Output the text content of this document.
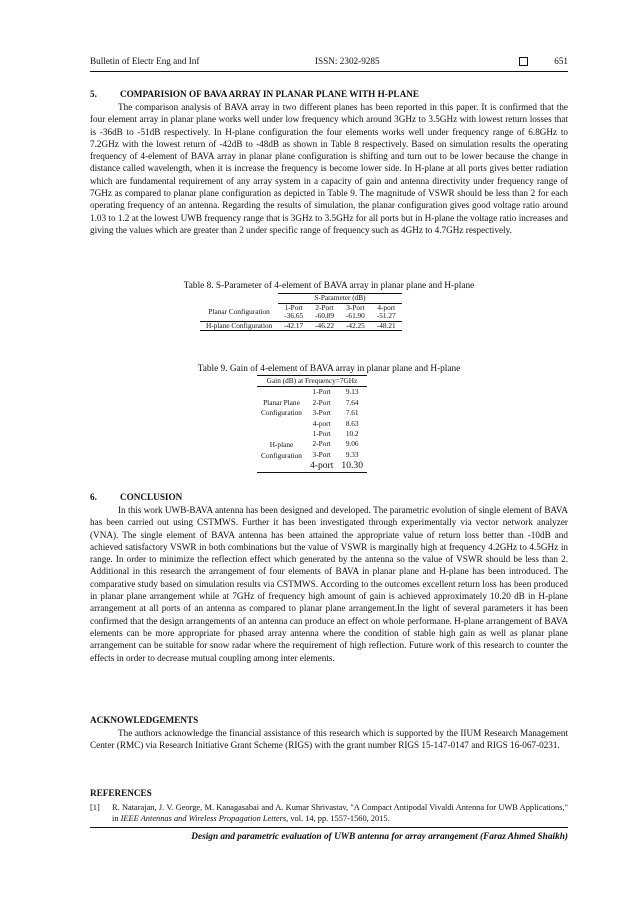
Bulletin of Electr Eng and Inf	ISSN: 2302-9285	651
5.	COMPARISION OF BAVA ARRAY IN PLANAR PLANE WITH H-PLANE

The comparison analysis of BAVA array in two different planes has been reported in this paper. It is confirmed that the four element array in planar plane works well under low frequency which around 3GHz to 3.5GHz with lowest return losses that is -36dB to -51dB respectively. In H-plane configuration the four elements works well under frequency range of 6.8GHz to 7.2GHz with the lowest return of -42dB to -48dB as shown in Table 8 respectively. Based on simulation results the operating frequency of 4-element of BAVA array in planar plane configuration is shifting and turn out to be lower because the change in distance called wavelength, when it is increase the frequency is become lower side. In H-plane at all ports gives better radiation which are fundamental requirement of any array system in a capacity of gain and antenna directivity under frequency range of 7GHz as compared to planar plane configuration as depicted in Table 9. The magnitude of VSWR should be less than 2 for each operating frequency of an antenna. Regarding the results of simulation, the planar configuration gives good voltage ratio around 1.03 to 1.2 at the lowest UWB frequency range that is 3GHz to 3.5GHz for all ports but in H-plane the voltage ratio increases and giving the values which are greater than 2 under specific range of frequency such as 4GHz to 4.7GHz respectively.

Table 8. S-Parameter of 4-element of BAVA array in planar plane and H-plane
	S-Parameter (dB)			
Planar Configuration	1-Port	2-Port	3-Port	4-port
	-36.65	-60.89	-61.90	-51.27
H-plane Configuration	-42.17	-46.22	-42.25	-48.21
Table 9. Gain of 4-element of BAVA array in planar plane and H-plane
Gain (dB) at Frequency=7GHz		
Planar Plane
Configuration	1-Port	9.13
	2-Port	7.64
	3-Port	7.61
	4-port	8.63
H-plane
Configuration	1-Port	10.2
	2-Port	9.06
	3-Port	9.33
	4-port	10.30
6.	CONCLUSION

In this work UWB-BAVA antenna has been designed and developed. The parametric evolution of single element of BAVA has been carried out using CSTMWS. Further it has been investigated through experimentally via vector network analyzer (VNA). The single element of BAVA antenna has been attained the appropriate value of return loss better than -10dB and achieved satisfactory VSWR in both combinations but the value of VSWR is marginally high at frequency 4.2GHz to 4.5GHz in range. In order to minimize the reflection effect which generated by the antenna so the value of VSWR should be less than 2. Additional in this research the arrangement of four elements of BAVA in planar plane and H-plane has been introduced. The comparative study based on simulation results via CSTMWS. According to the outcomes excellent return loss has been produced in planar plane arrangement while at 7GHz of frequency high amount of gain is achieved approximately 10.20 dB in H-plane arrangement at all ports of an antenna as compared to planar plane arrangement.In the light of several parameters it has been confirmed that the design arrangements of an antenna can produce an effect on whole performane. H-plane arrangement of BAVA elements can be more appropriate for phased array antenna where the condition of stable high gain as well as planar plane arrangement can be suitable for snow radar where the requirement of high reflection. Future work of this research to counter the effects in order to decrease mutual coupling among inter elements.

ACKNOWLEDGEMENTS

The authors acknowledge the financial assistance of this research which is supported by the IIUM Research Management Center (RMC) via Research Initiative Grant Scheme (RIGS) with the grant number RIGS 15-147-0147 and RIGS 16-067-0231.

REFERENCES
[1] R. Natarajan, J. V. George, M. Kanagasabai and A. Kumar Shrivastav, "A Compact Antipodal Vivaldi Antenna for UWB Applications," in IEEE Antennas and Wireless Propagation Letters, vol. 14, pp. 1557-1560, 2015.
Design and parametric evaluation of UWB antenna for array arrangement (Faraz Ahmed Shaikh)
